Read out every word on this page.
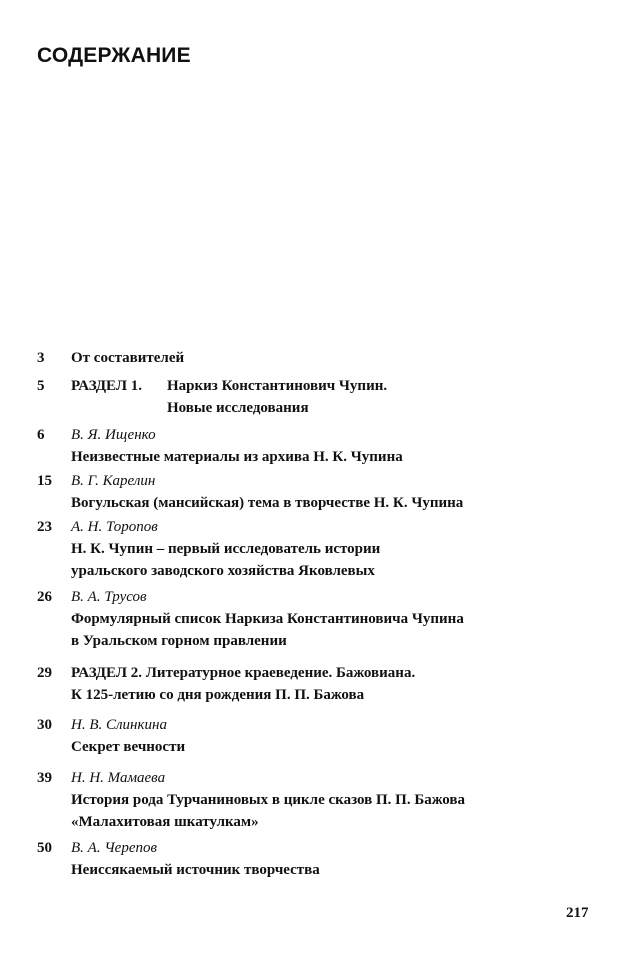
СОДЕРЖАНИЕ
3 От составителей
5 РАЗДЕЛ 1. Наркиз Константинович Чупин.
Новые исследования
6 В. Я. Ищенко
Неизвестные материалы из архива Н. К. Чупина
15 В. Г. Карелин
Вогульская (мансийская) тема в творчестве Н. К. Чупина
23 А. Н. Торопов
Н. К. Чупин – первый исследователь истории
уральского заводского хозяйства Яковлевых
26 В. А. Трусов
Формулярный список Наркиза Константиновича Чупина
в Уральском горном правлении
29 РАЗДЕЛ 2. Литературное краеведение. Бажовиана.
К 125-летию со дня рождения П. П. Бажова
30 Н. В. Слинкина
Секрет вечности
39 Н. Н. Мамаева
История рода Турчаниновых в цикле сказов П. П. Бажова
«Малахитовая шкатулкам»
50 В. А. Черепов
Неиссякаемый источник творчества
217
